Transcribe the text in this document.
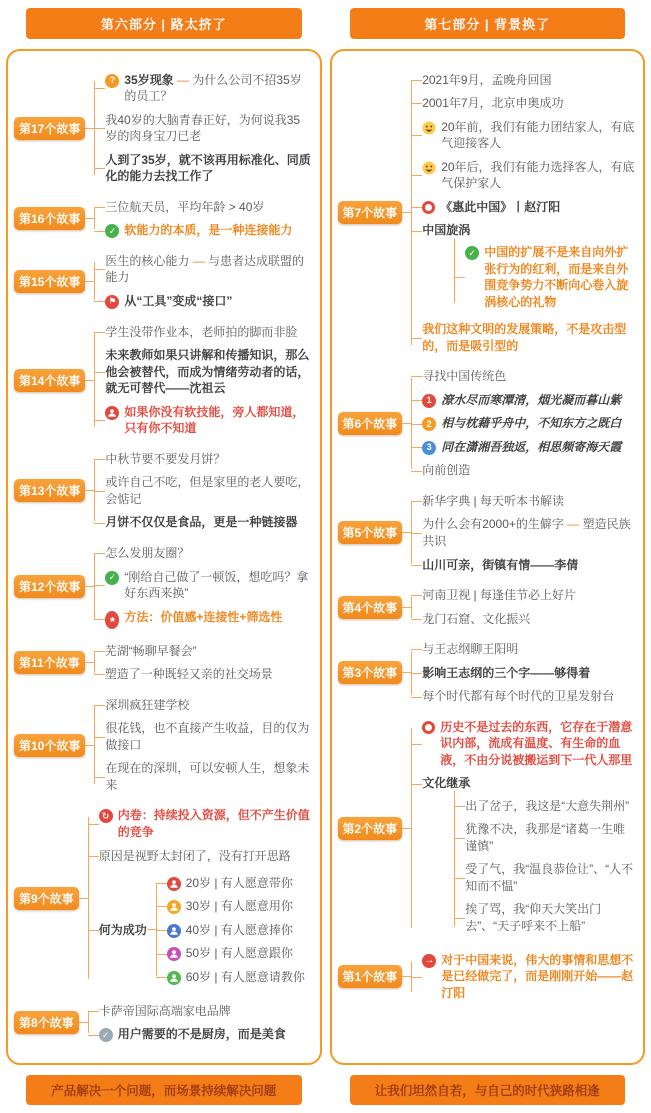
第六部分 | 路太挤了
第17个故事
? 35岁现象 — 为什么公司不招35岁的员工？
我40岁的大脑青春正好，为何说我35岁的肉身宝刀已老
人到了35岁，就不该再用标准化、同质化的能力去找工作了
第16个故事
三位航天员，平均年龄 > 40岁
✓ 软能力的本质，是一种连接能力
第15个故事
医生的核心能力 — 与患者达成联盟的能力
⚑ 从“工具”变成“接口”
第14个故事
学生没带作业本，老师拍的脚而非脸
未来教师如果只讲解和传播知识，那么他会被替代，而成为情绪劳动者的话，就无可替代——沈祖云
如果你没有软技能，旁人都知道，只有你不知道
第13个故事
中秋节要不要发月饼？
或许自己不吃，但是家里的老人要吃，会惦记
月饼不仅仅是食品，更是一种链接器
第12个故事
怎么发朋友圈？
✓ “刚给自己做了一顿饭，想吃吗？拿好东西来换”
* 方法：价值感+连接性+筛选性
第11个故事
芜湖“畅聊早餐会”
塑造了一种既轻又亲的社交场景
第10个故事
深圳疯狂建学校
很花钱，也不直接产生收益，目的仅为做接口
在现在的深圳，可以安顿人生，想象未来
第9个故事
↻ 内卷：持续投入资源，但不产生价值的竞争
原因是视野太封闭了，没有打开思路
何为成功
20岁 | 有人愿意带你
30岁 | 有人愿意用你
40岁 | 有人愿意捧你
50岁 | 有人愿意跟你
60岁 | 有人愿意请教你
第8个故事
卡萨帝国际高端家电品牌
✓ 用户需要的不是厨房，而是美食
产品解决一个问题，而场景持续解决问题
第七部分 | 背景换了
第7个故事
2021年9月，孟晚舟回国
2001年7月，北京申奥成功
20年前，我们有能力团结家人，有底气迎接客人
20年后，我们有能力选择客人，有底气保护家人
《惠此中国》丨赵汀阳
中国旋涡
✓ 中国的扩展不是来自向外扩张行为的红利，而是来自外围竞争势力不断向心卷入旋涡核心的礼物
我们这种文明的发展策略，不是攻击型的，而是吸引型的
第6个故事
寻找中国传统色
1 潦水尽而寒潭清，烟光凝而暮山紫
2 相与枕藉乎舟中，不知东方之既白
3 同在潇湘吾独返，相思频寄海天霞
向前创造
第5个故事
新华字典 | 每天听本书解读
为什么会有2000+的生僻字 — 塑造民族共识
山川可亲，街镇有情——李倩
第4个故事
河南卫视 | 每逢佳节必上好片
龙门石窟、文化振兴
第3个故事
与王志纲聊王阳明
影响王志纲的三个字——够得着
每个时代都有每个时代的卫星发射台
第2个故事
历史不是过去的东西，它存在于潜意识内部，流成有温度、有生命的血液，不由分说被搬运到下一代人那里
文化继承
出了岔子，我这是“大意失荆州”
犹豫不决，我那是“诸葛一生唯谨慎”
受了气，我“温良恭俭让”、“人不知而不愠”
挨了骂，我“仰天大笑出门去”、“天子呼来不上船”
第1个故事
→ 对于中国来说，伟大的事情和思想不是已经做完了，而是刚刚开始——赵汀阳
让我们坦然自若，与自己的时代狭路相逢
